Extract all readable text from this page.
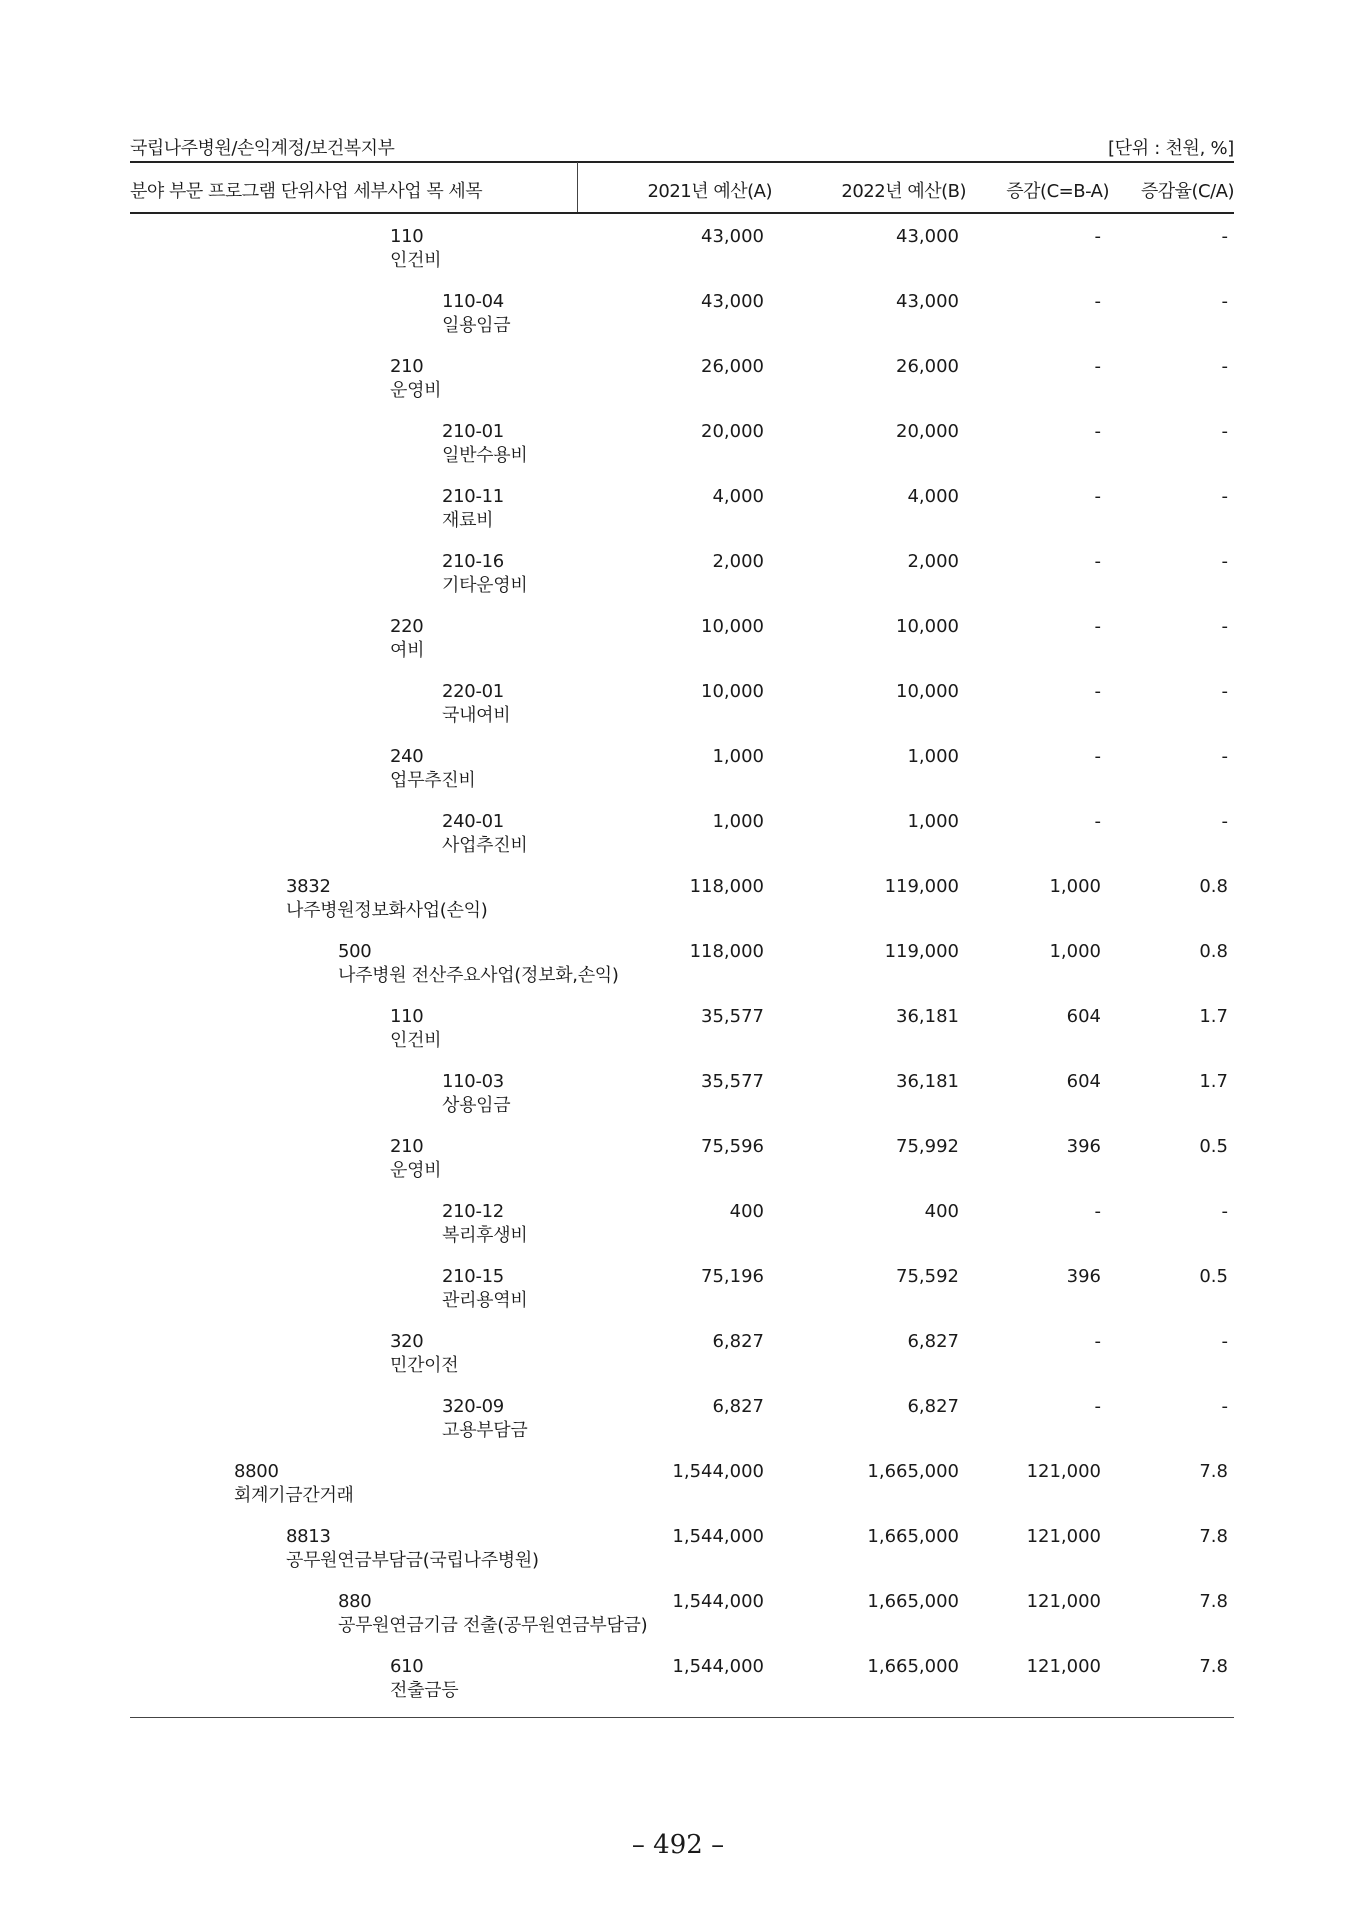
국립나주병원/손익계정/보건복지부	[단위 : 천원, %]
분야 부문 프로그램 단위사업 세부사업 목 세목	2021년 예산(A)	2022년 예산(B) 증감(C=B-A) 증감율(C/A)
110
인건비
43,000	43,000	-	-
110-04
일용임금
43,000	43,000	-	-
210
운영비
26,000	26,000	-	-
210-01
일반수용비
20,000	20,000	-	-
210-11
재료비
4,000	4,000	-	-
210-16
기타운영비
2,000	2,000	-	-
220
여비
10,000	10,000	-	-
220-01
국내여비
10,000	10,000	-	-
240
업무추진비
1,000	1,000	-	-
240-01
사업추진비
1,000	1,000	-	-
3832
나주병원정보화사업(손익)
118,000	119,000	1,000	0.8
500
나주병원 전산주요사업(정보화,손익)
118,000	119,000	1,000	0.8
110
인건비
35,577	36,181	604	1.7
110-03
상용임금
35,577	36,181	604	1.7
210
운영비
75,596	75,992	396	0.5
210-12
복리후생비
400	400	-	-
210-15
관리용역비
75,196	75,592	396	0.5
320
민간이전
6,827	6,827	-	-
320-09
고용부담금
6,827	6,827	-	-
8800
회계기금간거래
1,544,000	1,665,000	121,000	7.8
8813
공무원연금부담금(국립나주병원)
1,544,000	1,665,000	121,000	7.8
880
공무원연금기금 전출(공무원연금부담금)
1,544,000	1,665,000	121,000	7.8
610
전출금등
1,544,000	1,665,000	121,000	7.8
– 492 –
